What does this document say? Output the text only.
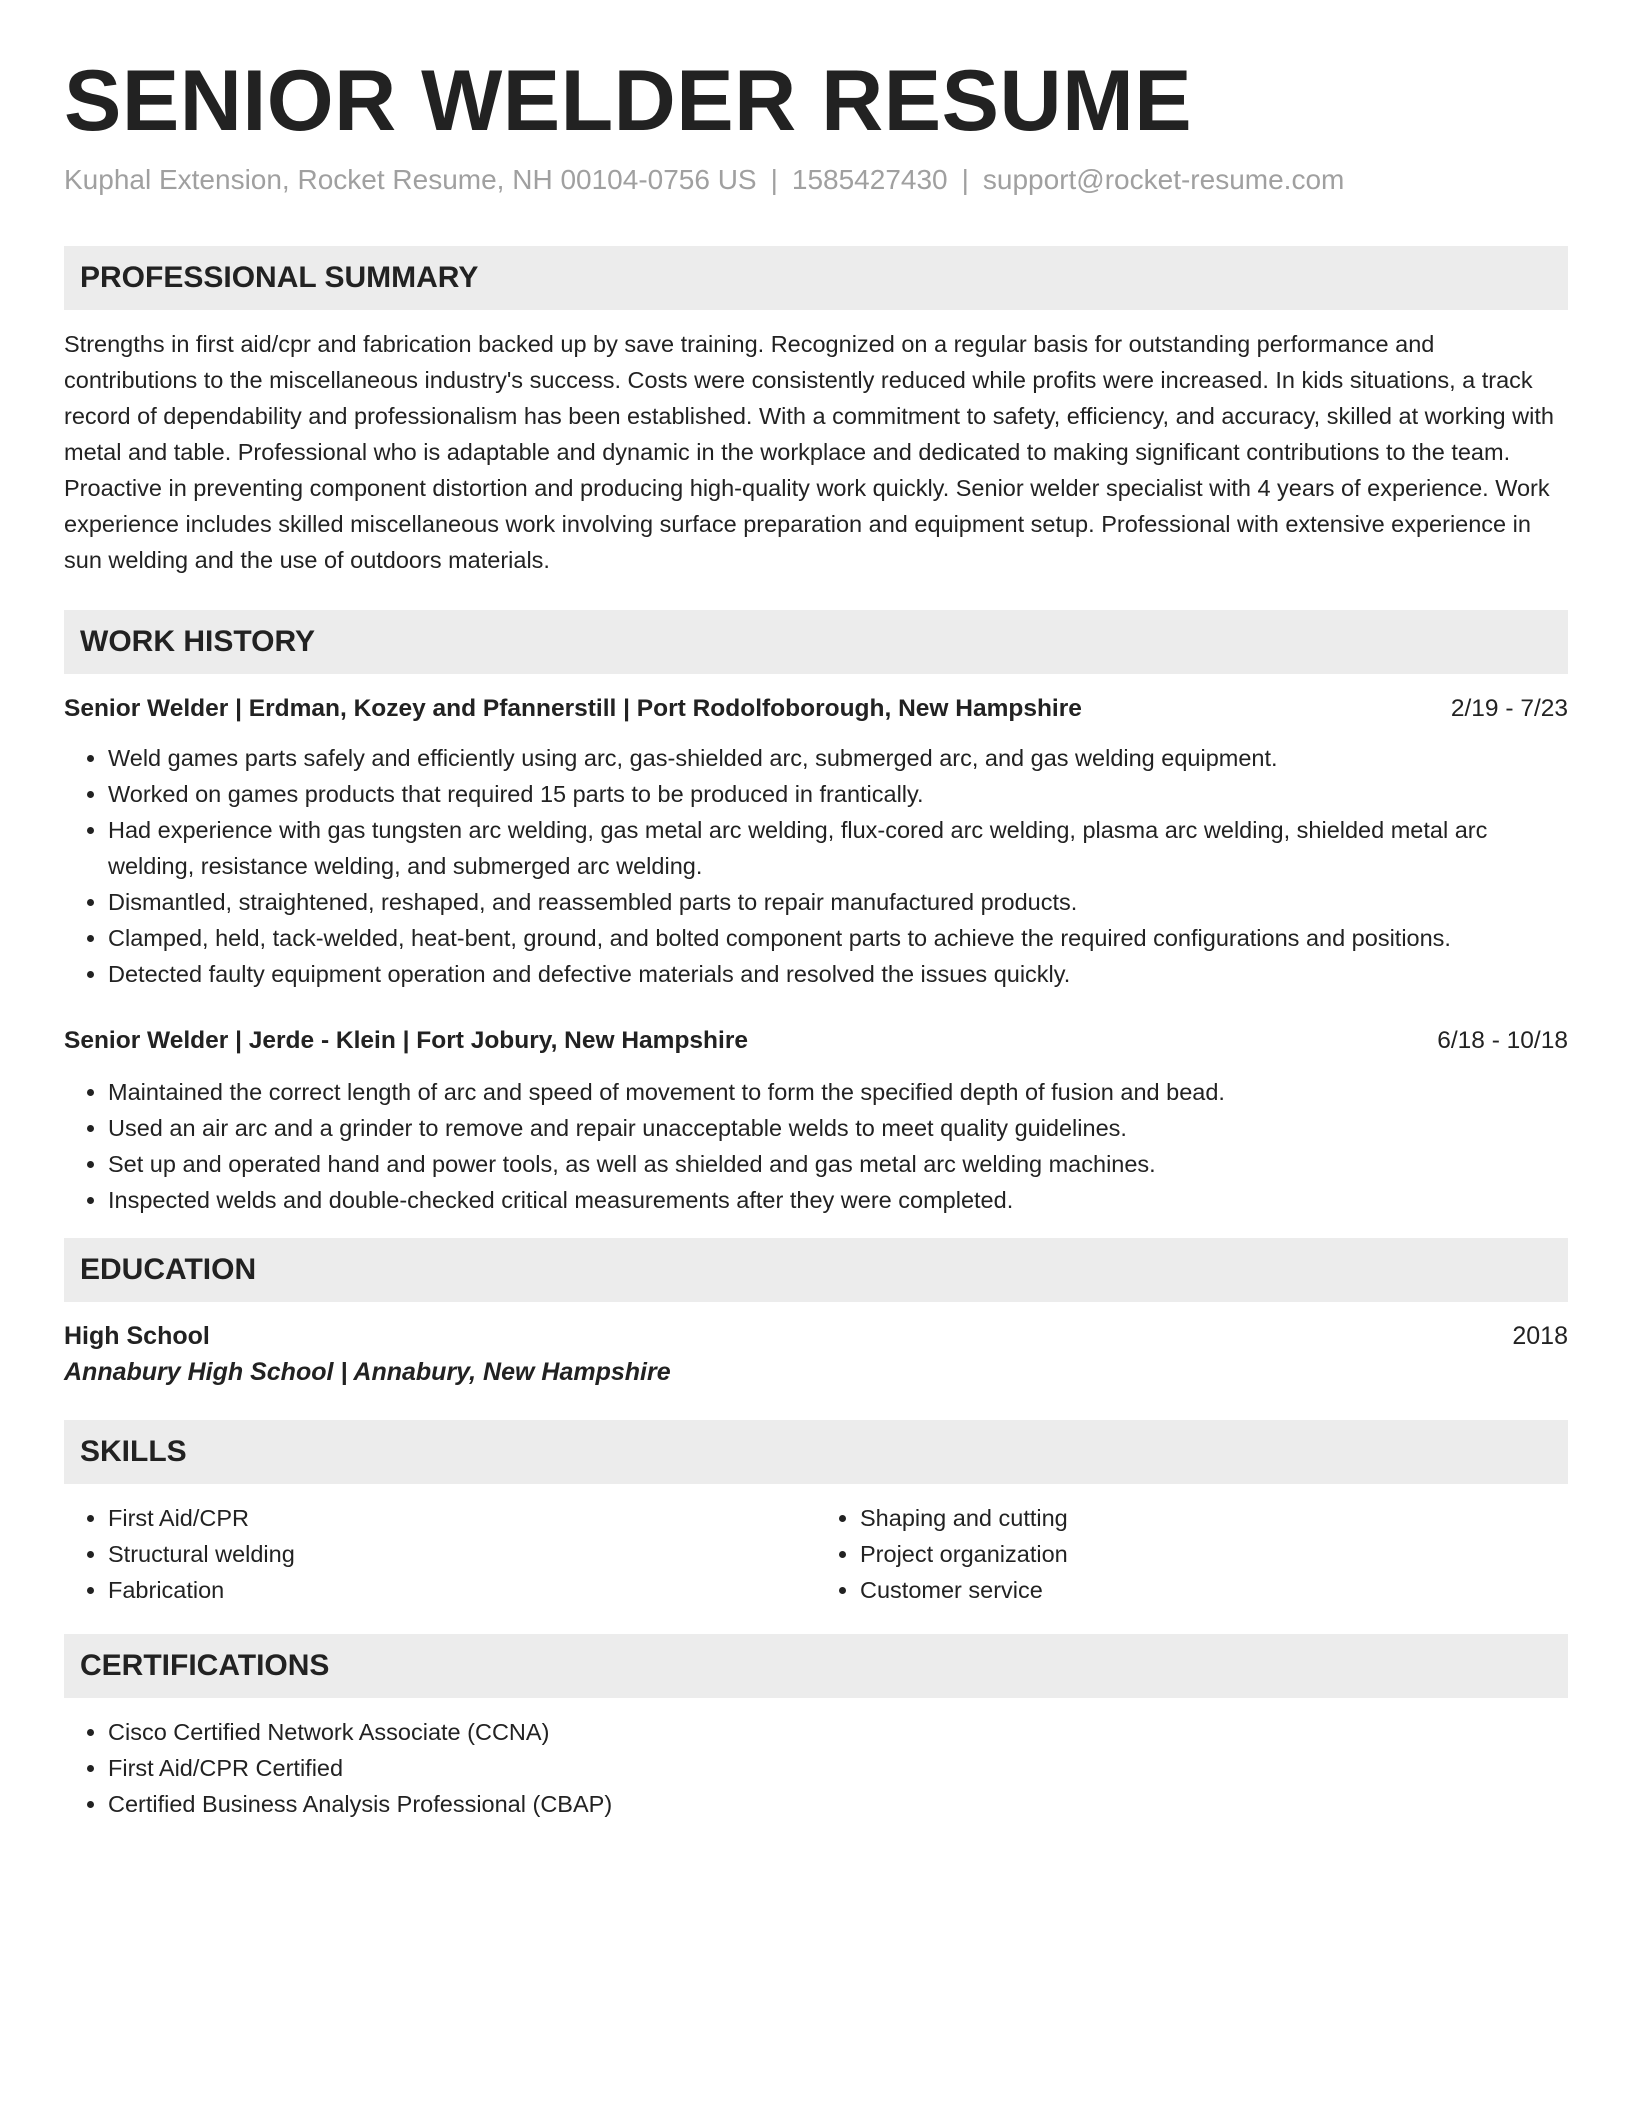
SENIOR WELDER RESUME
Kuphal Extension, Rocket Resume, NH 00104-0756 US | 1585427430 | support@rocket-resume.com
PROFESSIONAL SUMMARY

Strengths in first aid/cpr and fabrication backed up by save training. Recognized on a regular basis for outstanding performance and contributions to the miscellaneous industry's success. Costs were consistently reduced while profits were increased. In kids situations, a track record of dependability and professionalism has been established. With a commitment to safety, efficiency, and accuracy, skilled at working with metal and table. Professional who is adaptable and dynamic in the workplace and dedicated to making significant contributions to the team. Proactive in preventing component distortion and producing high-quality work quickly. Senior welder specialist with 4 years of experience. Work experience includes skilled miscellaneous work involving surface preparation and equipment setup. Professional with extensive experience in sun welding and the use of outdoors materials.

WORK HISTORY
Senior Welder | Erdman, Kozey and Pfannerstill | Port Rodolfoborough, New Hampshire	2/19 - 7/23
• Weld games parts safely and efficiently using arc, gas-shielded arc, submerged arc, and gas welding equipment.
• Worked on games products that required 15 parts to be produced in frantically.
• Had experience with gas tungsten arc welding, gas metal arc welding, flux-cored arc welding, plasma arc welding, shielded metal arc welding, resistance welding, and submerged arc welding.
• Dismantled, straightened, reshaped, and reassembled parts to repair manufactured products.
• Clamped, held, tack-welded, heat-bent, ground, and bolted component parts to achieve the required configurations and positions.
• Detected faulty equipment operation and defective materials and resolved the issues quickly.
Senior Welder | Jerde - Klein | Fort Jobury, New Hampshire	6/18 - 10/18
• Maintained the correct length of arc and speed of movement to form the specified depth of fusion and bead.
• Used an air arc and a grinder to remove and repair unacceptable welds to meet quality guidelines.
• Set up and operated hand and power tools, as well as shielded and gas metal arc welding machines.
• Inspected welds and double-checked critical measurements after they were completed.
EDUCATION
High School	2018
Annabury High School | Annabury, New Hampshire
SKILLS
• First Aid/CPR
• Structural welding
• Fabrication
• Shaping and cutting
• Project organization
• Customer service
CERTIFICATIONS
• Cisco Certified Network Associate (CCNA)
• First Aid/CPR Certified
• Certified Business Analysis Professional (CBAP)
